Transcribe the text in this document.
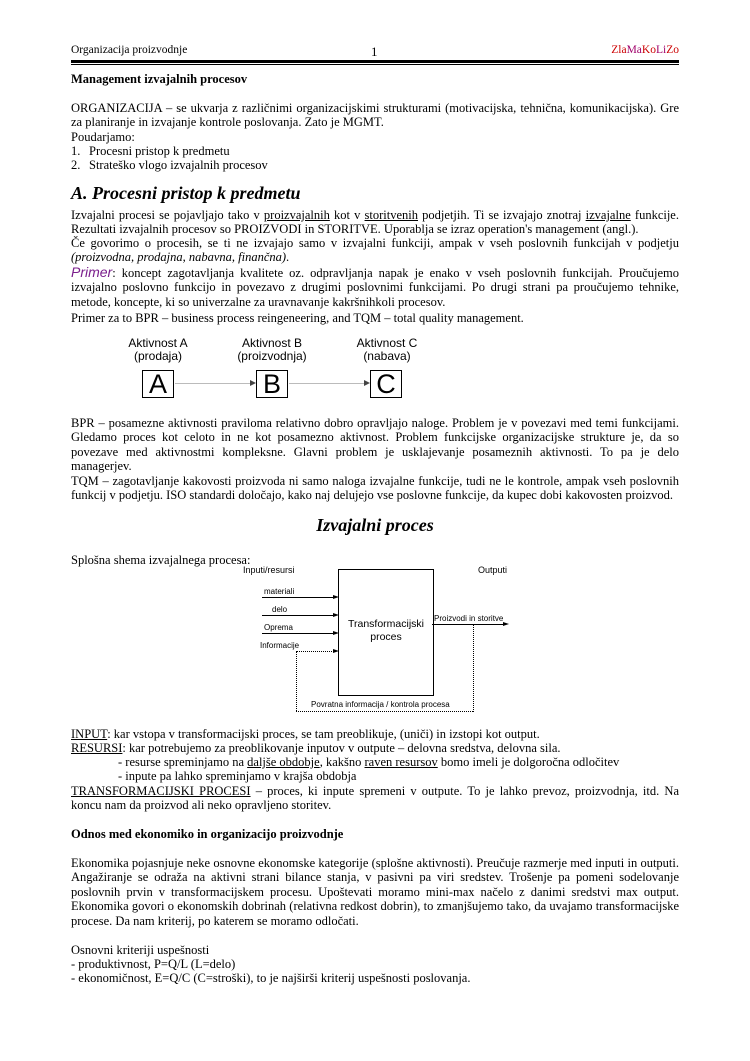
Organizacija proizvodnje	1	ZlaMaKoLiZo
Management izvajalnih procesov
ORGANIZACIJA – se ukvarja z različnimi organizacijskimi strukturami (motivacijska, tehnična, komunikacijska). Gre za planiranje in izvajanje kontrole poslovanja. Zato je MGMT.
Poudarjamo:
1. Procesni pristop k predmetu
2. Strateško vlogo izvajalnih procesov
A. Procesni pristop k predmetu
Izvajalni procesi se pojavljajo tako v proizvajalnih kot v storitvenih podjetjih. Ti se izvajajo znotraj izvajalne funkcije.
Rezultati izvajalnih procesov so PROIZVODI in STORITVE. Uporablja se izraz operation's management (angl.).
Če govorimo o procesih, se ti ne izvajajo samo v izvajalni funkciji, ampak v vseh poslovnih funkcijah v podjetju (proizvodna, prodajna, nabavna, finančna).
Primer: koncept zagotavljanja kvalitete oz. odpravljanja napak je enako v vseh poslovnih funkcijah. Proučujemo izvajalno poslovno funkcijo in povezavo z drugimi poslovnimi funkcijami. Po drugi strani pa proučujemo tehnike, metode, koncepte, ki so univerzalne za uravnavanje kakršnihkoli procesov.
Primer za to BPR – business process reingeneering, and TQM – total quality management.
Aktivnost A
(prodaja)
Aktivnost B
(proizvodnja)
Aktivnost C
(nabava)
A	B	C
BPR – posamezne aktivnosti praviloma relativno dobro opravljajo naloge. Problem je v povezavi med temi funkcijami. Gledamo proces kot celoto in ne kot posamezno aktivnost. Problem funkcijske organizacijske strukture je, da so povezave med aktivnostmi kompleksne. Glavni problem je usklajevanje posameznih aktivnosti. To pa je delo managerjev.
TQM – zagotavljanje kakovosti proizvoda ni samo naloga izvajalne funkcije, tudi ne le kontrole, ampak vseh poslovnih funkcij v podjetju. ISO standardi določajo, kako naj delujejo vse poslovne funkcije, da kupec dobi kakovosten proizvod.
Izvajalni proces
Splošna shema izvajalnega procesa:
Inputi/resursi	Outputi
Transformacijski
proces
materiali
delo
Oprema
Informacije
Proizvodi in storitve
Povratna informacija / kontrola procesa
INPUT: kar vstopa v transformacijski proces, se tam preoblikuje, (uniči) in izstopi kot output.
RESURSI: kar potrebujemo za preoblikovanje inputov v outpute – delovna sredstva, delovna sila.
- resurse spreminjamo na daljše obdobje, kakšno raven resursov bomo imeli je dolgoročna odločitev
- inpute pa lahko spreminjamo v krajša obdobja
TRANSFORMACIJSKI PROCESI – proces, ki inpute spremeni v outpute. To je lahko prevoz, proizvodnja, itd. Na koncu nam da proizvod ali neko opravljeno storitev.
Odnos med ekonomiko in organizacijo proizvodnje
Ekonomika pojasnjuje neke osnovne ekonomske kategorije (splošne aktivnosti). Preučuje razmerje med inputi in outputi. Angažiranje se odraža na aktivni strani bilance stanja, v pasivni pa viri sredstev. Trošenje pa pomeni sodelovanje poslovnih prvin v transformacijskem procesu. Upoštevati moramo mini-max načelo z danimi sredstvi max output. Ekonomika govori o ekonomskih dobrinah (relativna redkost dobrin), to zmanjšujemo tako, da uvajamo transformacijske procese. Da nam kriterij, po katerem se moramo odločati.
Osnovni kriteriji uspešnosti
- produktivnost, P=Q/L (L=delo)
- ekonomičnost, E=Q/C (C=stroški), to je najširši kriterij uspešnosti poslovanja.
